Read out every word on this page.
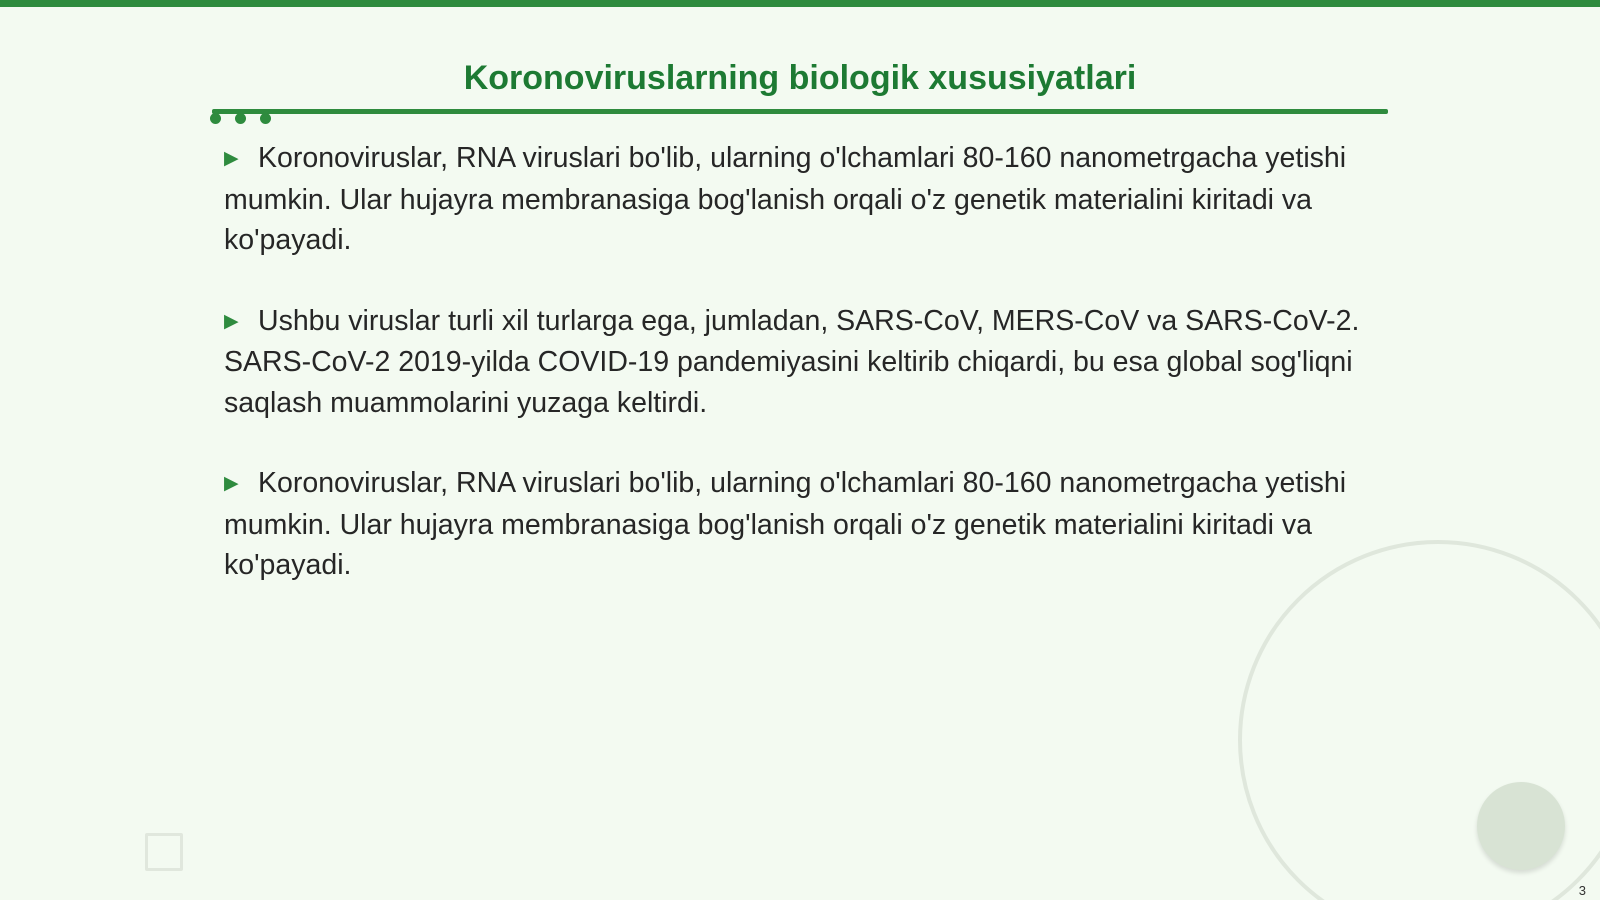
Koronoviruslarning biologik xususiyatlari

▶ Koronoviruslar, RNA viruslari bo'lib, ularning o'lchamlari 80-160 nanometrgacha yetishi mumkin. Ular hujayra membranasiga bog'lanish orqali o'z genetik materialini kiritadi va ko'payadi.

▶ Ushbu viruslar turli xil turlarga ega, jumladan, SARS-CoV, MERS-CoV va SARS-CoV-2. SARS-CoV-2 2019-yilda COVID-19 pandemiyasini keltirib chiqardi, bu esa global sog'liqni saqlash muammolarini yuzaga keltirdi.

▶ Koronoviruslar, RNA viruslari bo'lib, ularning o'lchamlari 80-160 nanometrgacha yetishi mumkin. Ular hujayra membranasiga bog'lanish orqali o'z genetik materialini kiritadi va ko'payadi.

3
